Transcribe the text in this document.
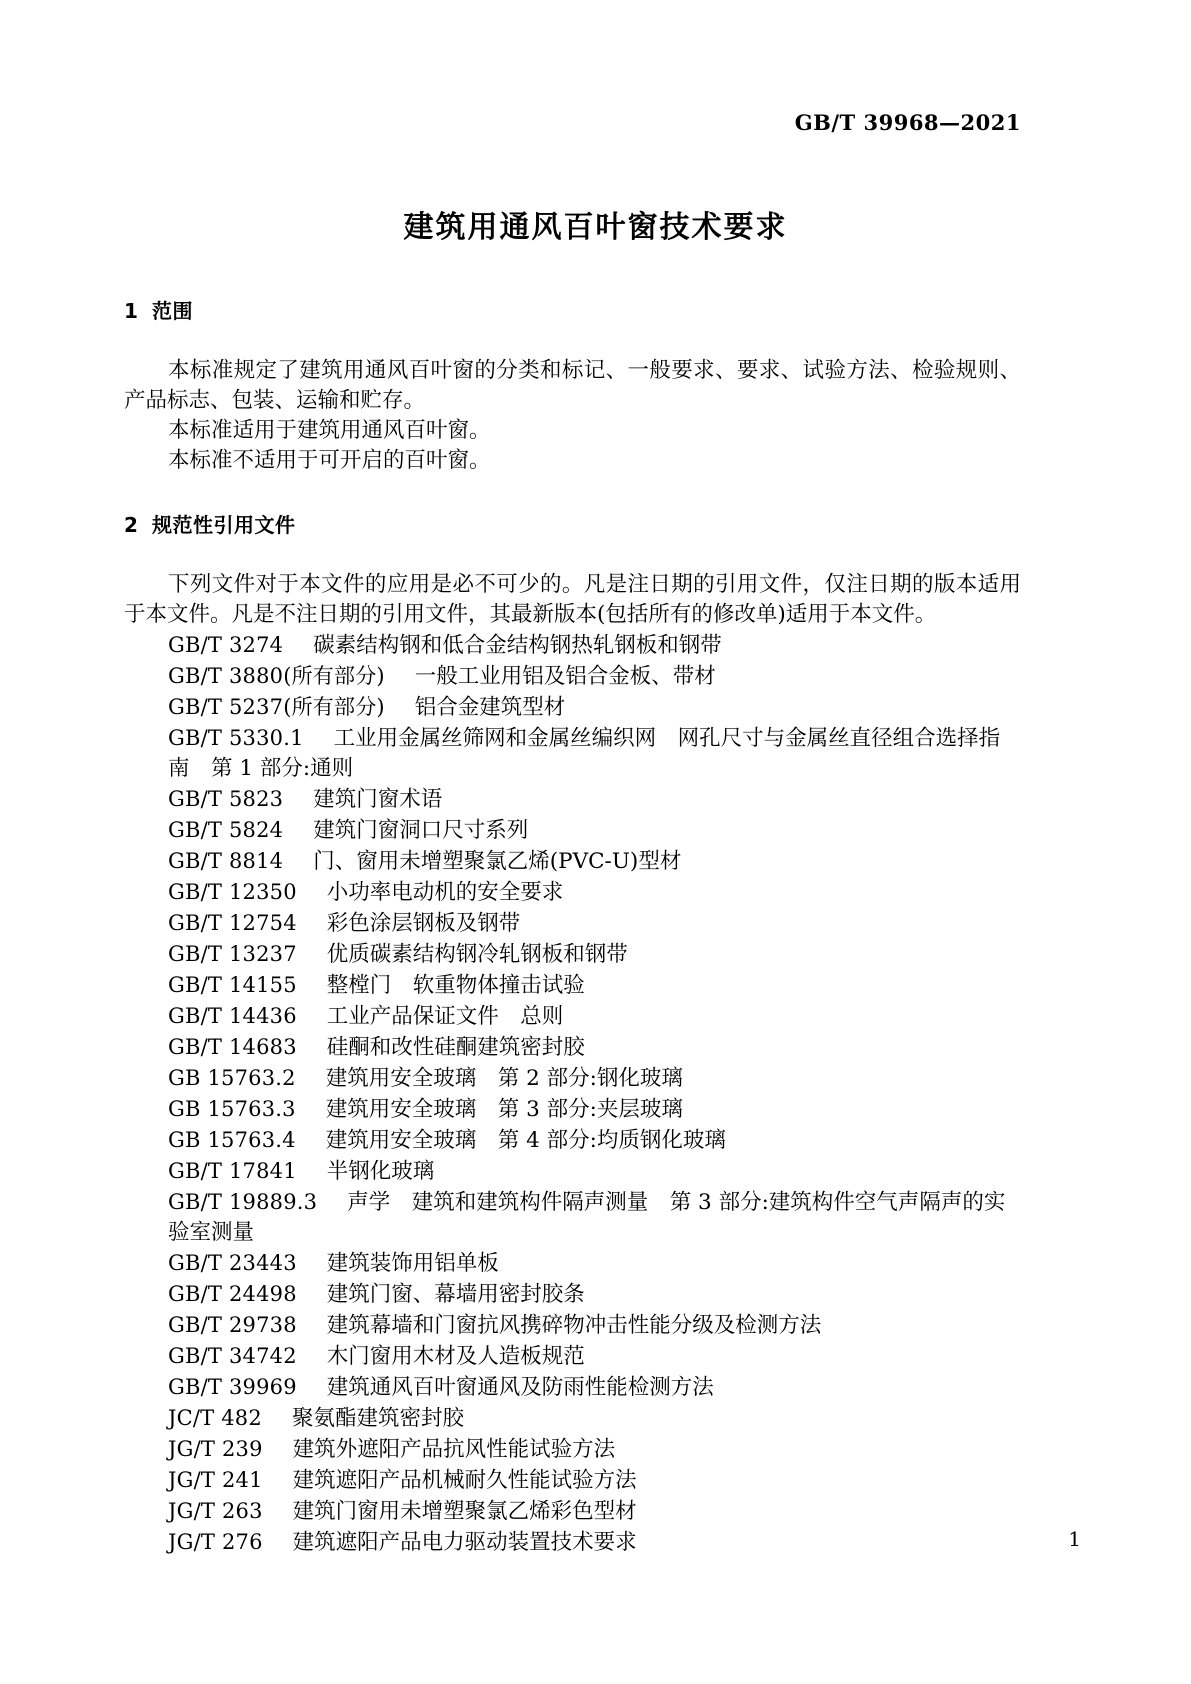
GB/T 39968—2021
建筑用通风百叶窗技术要求
1 范围

本标准规定了建筑用通风百叶窗的分类和标记、一般要求、要求、试验方法、检验规则、产品标志、包装、运输和贮存。

本标准适用于建筑用通风百叶窗。

本标准不适用于可开启的百叶窗。

2 规范性引用文件

下列文件对于本文件的应用是必不可少的。凡是注日期的引用文件，仅注日期的版本适用于本文件。凡是不注日期的引用文件，其最新版本(包括所有的修改单)适用于本文件。

GB/T 3274 碳素结构钢和低合金结构钢热轧钢板和钢带
GB/T 3880(所有部分) 一般工业用铝及铝合金板、带材
GB/T 5237(所有部分) 铝合金建筑型材
GB/T 5330.1 工业用金属丝筛网和金属丝编织网　网孔尺寸与金属丝直径组合选择指南　第 1 部分:通则
GB/T 5823 建筑门窗术语
GB/T 5824 建筑门窗洞口尺寸系列
GB/T 8814 门、窗用未增塑聚氯乙烯(PVC-U)型材
GB/T 12350 小功率电动机的安全要求
GB/T 12754 彩色涂层钢板及钢带
GB/T 13237 优质碳素结构钢冷轧钢板和钢带
GB/T 14155 整樘门　软重物体撞击试验
GB/T 14436 工业产品保证文件　总则
GB/T 14683 硅酮和改性硅酮建筑密封胶
GB 15763.2 建筑用安全玻璃　第 2 部分:钢化玻璃
GB 15763.3 建筑用安全玻璃　第 3 部分:夹层玻璃
GB 15763.4 建筑用安全玻璃　第 4 部分:均质钢化玻璃
GB/T 17841 半钢化玻璃
GB/T 19889.3 声学　建筑和建筑构件隔声测量　第 3 部分:建筑构件空气声隔声的实验室测量
GB/T 23443 建筑装饰用铝单板
GB/T 24498 建筑门窗、幕墙用密封胶条
GB/T 29738 建筑幕墙和门窗抗风携碎物冲击性能分级及检测方法
GB/T 34742 木门窗用木材及人造板规范
GB/T 39969 建筑通风百叶窗通风及防雨性能检测方法
JC/T 482 聚氨酯建筑密封胶
JG/T 239 建筑外遮阳产品抗风性能试验方法
JG/T 241 建筑遮阳产品机械耐久性能试验方法
JG/T 263 建筑门窗用未增塑聚氯乙烯彩色型材
JG/T 276 建筑遮阳产品电力驱动装置技术要求	1
